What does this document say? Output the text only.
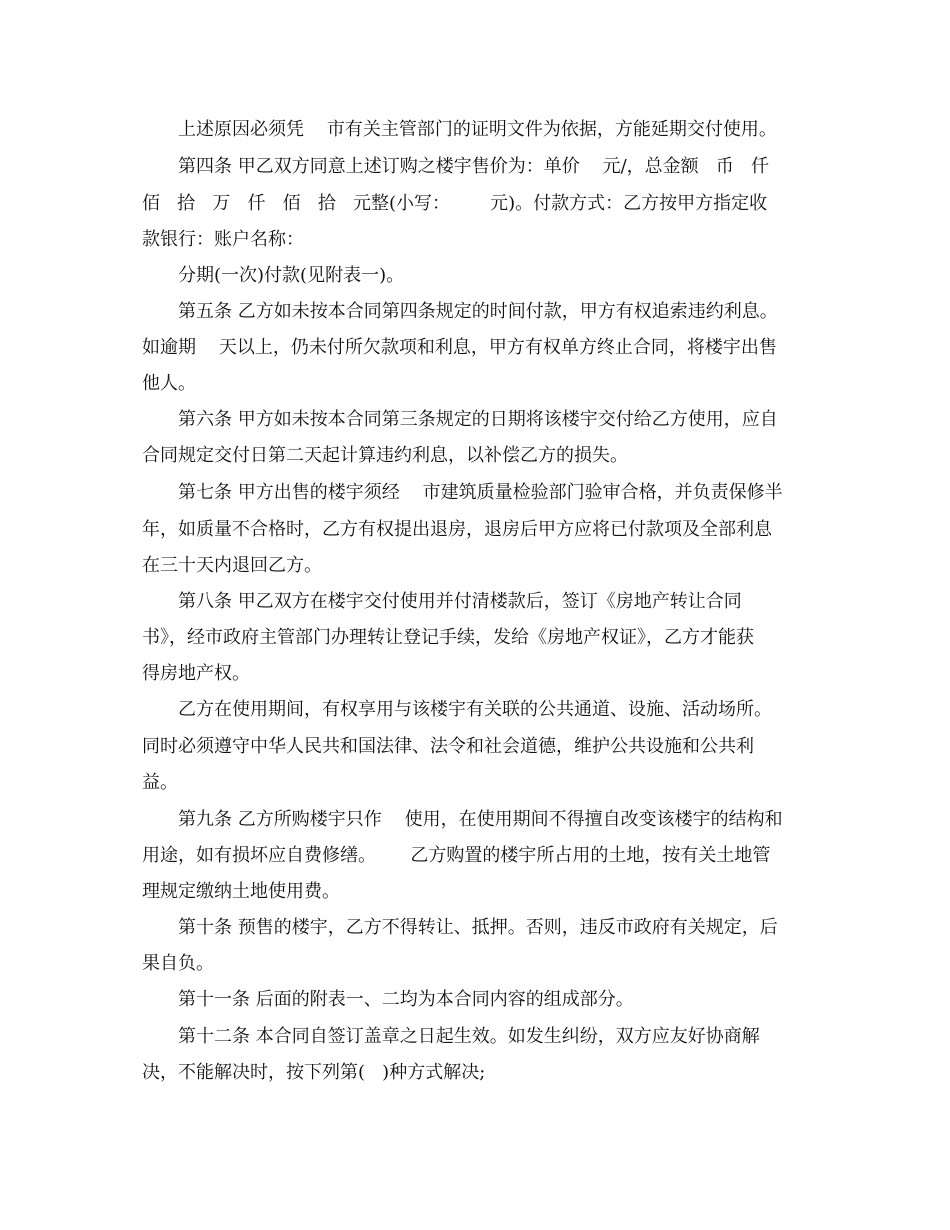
上述原因必须凭    市有关主管部门的证明文件为依据，方能延期交付使用。
第四条 甲乙双方同意上述订购之楼宇售价为：单价    元/，总金额   币   仟
佰   拾   万   仟   佰   拾   元整(小写：       元)。付款方式：乙方按甲方指定收
款银行：账户名称：
分期(一次)付款(见附表一)。
第五条 乙方如未按本合同第四条规定的时间付款，甲方有权追索违约利息。
如逾期    天以上，仍未付所欠款项和利息，甲方有权单方终止合同，将楼宇出售
他人。
第六条 甲方如未按本合同第三条规定的日期将该楼宇交付给乙方使用，应自
合同规定交付日第二天起计算违约利息，以补偿乙方的损失。
第七条 甲方出售的楼宇须经    市建筑质量检验部门验审合格，并负责保修半
年，如质量不合格时，乙方有权提出退房，退房后甲方应将已付款项及全部利息
在三十天内退回乙方。
第八条 甲乙双方在楼宇交付使用并付清楼款后，签订《房地产转让合同
书》，经市政府主管部门办理转让登记手续，发给《房地产权证》，乙方才能获
得房地产权。
乙方在使用期间，有权享用与该楼宇有关联的公共通道、设施、活动场所。
同时必须遵守中华人民共和国法律、法令和社会道德，维护公共设施和公共利
益。
第九条 乙方所购楼宇只作    使用，在使用期间不得擅自改变该楼宇的结构和
用途，如有损坏应自费修缮。      乙方购置的楼宇所占用的土地，按有关土地管
理规定缴纳土地使用费。
第十条 预售的楼宇，乙方不得转让、抵押。否则，违反市政府有关规定，后
果自负。
第十一条 后面的附表一、二均为本合同内容的组成部分。
第十二条 本合同自签订盖章之日起生效。如发生纠纷，双方应友好协商解
决，不能解决时，按下列第(   )种方式解决;
